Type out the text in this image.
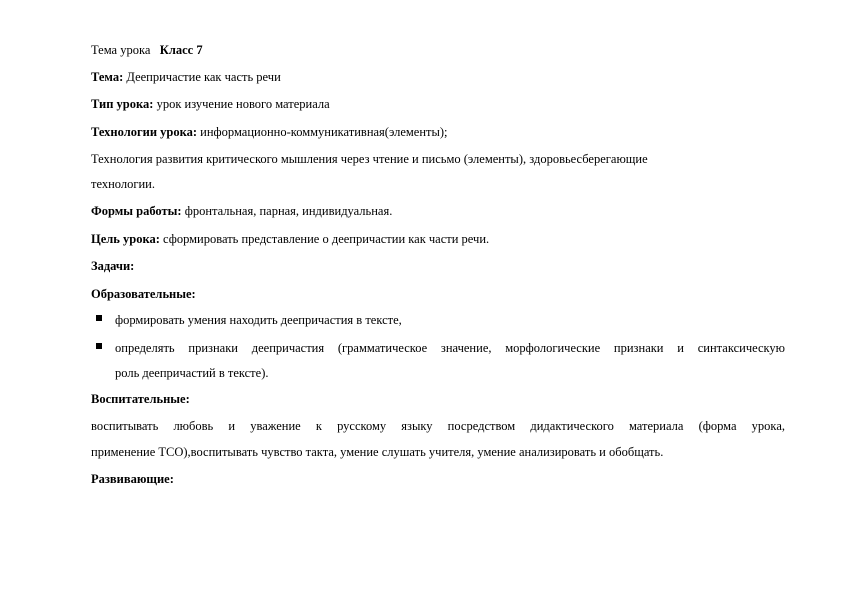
Тема урока Класс 7
Тема: Деепричастие как часть речи
Тип урока: урок изучение нового материала
Технологии урока: информационно-коммуникативная(элементы);
Технология развития критического мышления через чтение и письмо (элементы), здоровьесберегающие
технологии.
Формы работы: фронтальная, парная, индивидуальная.
Цель урока: сформировать представление о деепричастии как части речи.
Задачи:
Образовательные:
формировать умения находить деепричастия в тексте,
определять признаки деепричастия (грамматическое значение, морфологические признаки и синтаксическую
роль деепричастий в тексте).
Воспитательные:
воспитывать любовь и уважение к русскому языку посредством дидактического материала (форма урока,
применение ТСО),воспитывать чувство такта, умение слушать учителя, умение анализировать и обобщать.
Развивающие:
